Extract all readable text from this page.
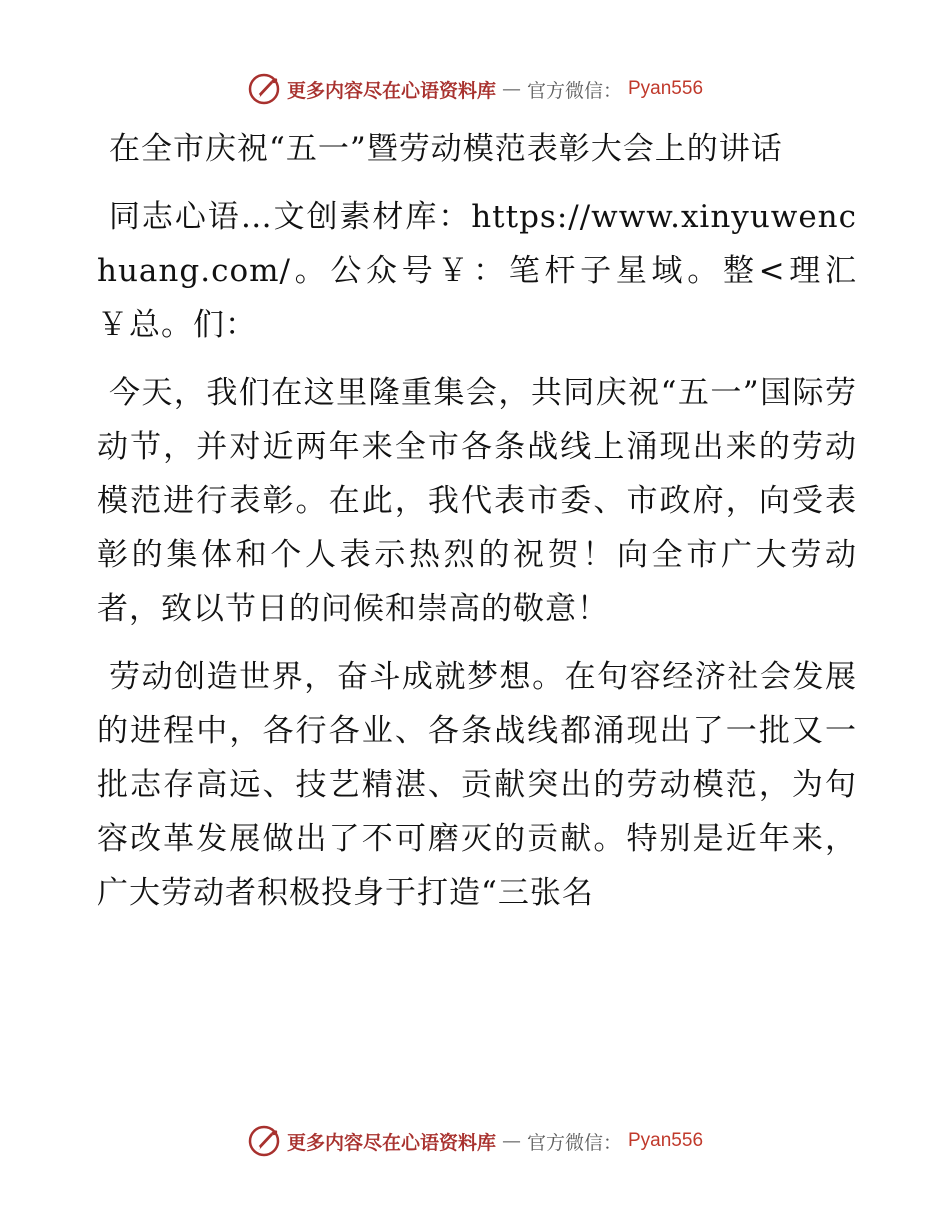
更多内容尽在心语资料库 — 官方微信： Pyan556

在全市庆祝“五一”暨劳动模范表彰大会上的讲话

同志心语…文创素材库：https://www.xinyuwenchuang.com/。公众号￥：笔杆子星域。整<理汇￥总。们：

今天，我们在这里隆重集会，共同庆祝“五一”国际劳动节，并对近两年来全市各条战线上涌现出来的劳动模范进行表彰。在此，我代表市委、市政府，向受表彰的集体和个人表示热烈的祝贺！向全市广大劳动者，致以节日的问候和崇高的敬意！

劳动创造世界，奋斗成就梦想。在句容经济社会发展的进程中，各行各业、各条战线都涌现出了一批又一批志存高远、技艺精湛、贡献突出的劳动模范，为句容改革发展做出了不可磨灭的贡献。特别是近年来，广大劳动者积极投身于打造“三张名

更多内容尽在心语资料库 — 官方微信： Pyan556
